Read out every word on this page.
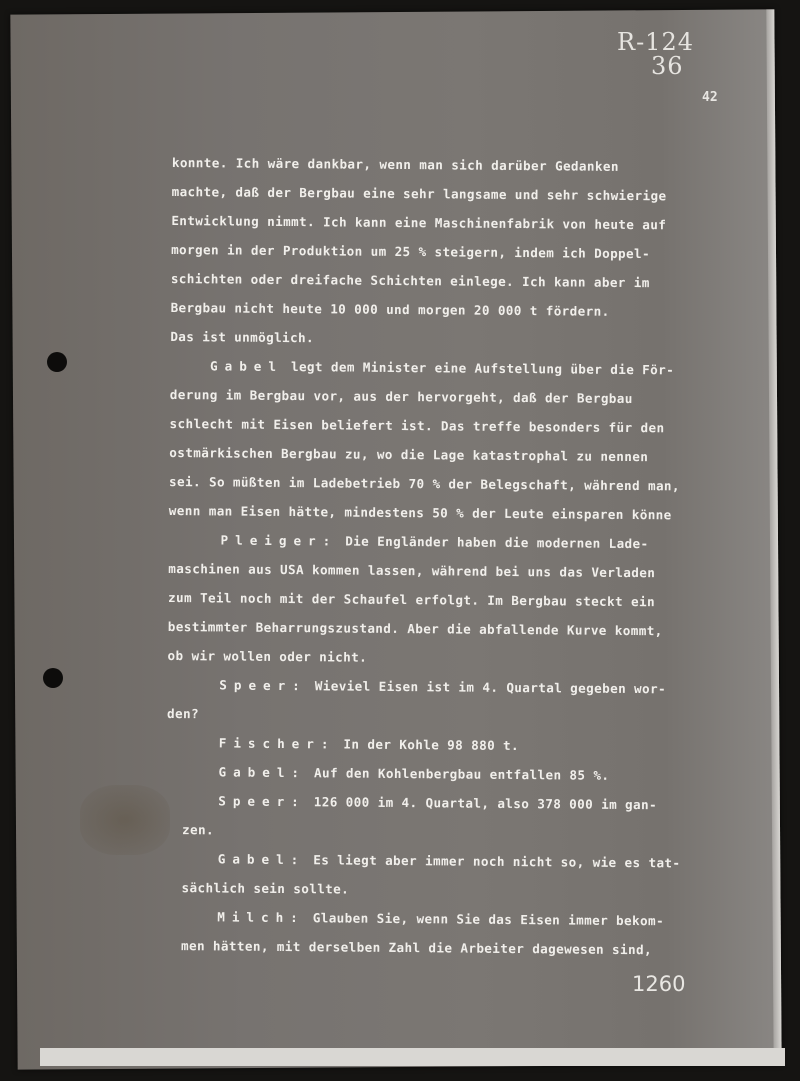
R-124
36
42
konnte. Ich wäre dankbar, wenn man sich darüber Gedanken
machte, daß der Bergbau eine sehr langsame und sehr schwierige
Entwicklung nimmt. Ich kann eine Maschinenfabrik von heute auf
morgen in der Produktion um 25 % steigern, indem ich Doppel-
schichten oder dreifache Schichten einlege. Ich kann aber im
Bergbau nicht heute 10 000 und morgen 20 000 t fördern.
Das ist unmöglich.
Gabel legt dem Minister eine Aufstellung über die För-
derung im Bergbau vor, aus der hervorgeht, daß der Bergbau
schlecht mit Eisen beliefert ist. Das treffe besonders für den
ostmärkischen Bergbau zu, wo die Lage katastrophal zu nennen
sei. So müßten im Ladebetrieb 70 % der Belegschaft, während man,
wenn man Eisen hätte, mindestens 50 % der Leute einsparen könne
Pleiger: Die Engländer haben die modernen Lade-
maschinen aus USA kommen lassen, während bei uns das Verladen
zum Teil noch mit der Schaufel erfolgt. Im Bergbau steckt ein
bestimmter Beharrungszustand. Aber die abfallende Kurve kommt,
ob wir wollen oder nicht.
Speer: Wieviel Eisen ist im 4. Quartal gegeben wor-
den?
Fischer: In der Kohle 98 880 t.
Gabel: Auf den Kohlenbergbau entfallen 85 %.
Speer: 126 000 im 4. Quartal, also 378 000 im gan-
zen.
Gabel: Es liegt aber immer noch nicht so, wie es tat-
sächlich sein sollte.
Milch: Glauben Sie, wenn Sie das Eisen immer bekom-
men hätten, mit derselben Zahl die Arbeiter dagewesen sind,
1260
